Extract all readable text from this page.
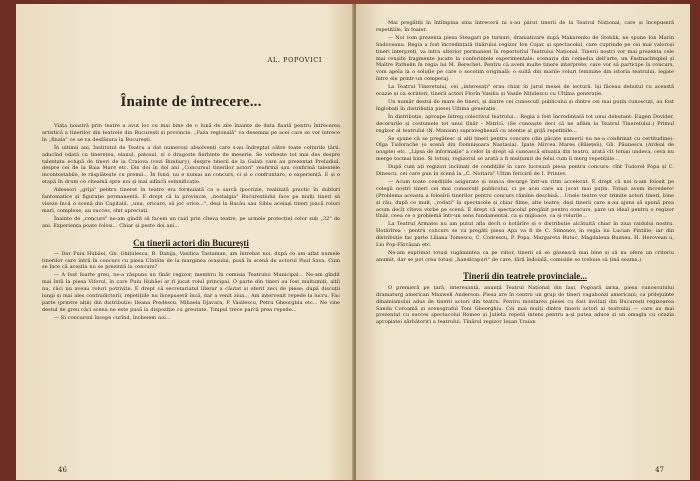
AL. POPOVICI
Înainte de întrecere...

Viața noastră prin teatre a avut loc cu mai bine de o lună de zile înainte de data fixată pentru întrecerea artistică a tinerilor din teatrele din București și provincie. „Faza regională" va desemna pe acei care se vor întrece în „finala" ce se va desfășura la București.

În ultimii ani, Institutul de Teatru a dat numeroși absolvenți care s-au îndreptat către toate colțurile țării, aducînd odată cu tinerețea, elanul, patosul, și o dragoste fierbinte de meserie. Se vorbește tot mai des despre talentata echipă de tineri de la Craiova (vezi Bunbury), despre tinerii de la Galați care au prezentat Preludiul, despre cei de la Baia Mare etc. Din doi în doi ani „Concursul tinerilor actori" reafirmă sau confirmă talentele incontestabile, le răsplătește cu premii... În fond, nu e numai un concurs, ci și o confruntare, o experiență. E și o etapă în drum ce cheamă spre noi și mai adîncă semnificație.

Adeseori „grija" pentru tineret în teatre era formulată ca o sarcă ipocrizie, realizată practic în dubluri fantomatice și figurație permanentă. E drept că la provincie, „nostalgia" Bucureștiului face pe mulți tineri să viseze încă o scenă din Capitală, „unu, oricare, să joc orice...", deși la Bacău sau Sibiu aceiași tineri joacă roluri mari, complexe, au succes, sînt apreciați.

Înainte de „concurs" ne-am gîndit să facem un raid prin cîteva teatre, pe urmele protecției celor sub „32" de ani. Experiența poate folosi... Chiar și peste doi ani...

Cu tinerii actori din București

— Dar Puiu Hubâei, Gh. Ghițulescu, B. Dabija, Vasilica Tastaman, am întrebat noi, după ce am aflat numele tinerilor care intră în concurs cu piesa Cîntăte de la marginea orașului, pusă în scenă de actorul Paul Sava. Cum se face că aceștia nu se prezintă la concurs?

— A fost foarte greu, ne-a răspuns un tînăr regizor, membru în comisia Teatrului Municipal... Ne-am gîndit mai întîi la piesa Viforul, în care Puiu Hubâei ar fi jucat rolul principal. O parte din tineri au fost multumiți, alții nu, căci nu aveau roluri potrivite. E drept că secretariatul literar a căutat și oferit zeci de piese; după discuții lungi și mai ales contradictorii, repetițiile nu începuseră încă, dar a venit ziua... Am intervenit repede la lucru. Fac parte (printre alții) din distribuție: Ileana Predescu, Mihaela Djavara, P. Vasilescu, Petru Gheorghiu etc... Ne vine destul de greu căci scena ne este pusă la dispoziție cu greutate. Timpul trece parcă prea repede...

— Și concursul începe curînd, încheiem noi...

46

Mai pregătiți în întîmpina sina întrecerii ni s-au părut tinerii de la Teatrul Național, care și începuseră repetițiile, în foaier.

— Noi vom prezenta piesa Steagari pe turnuri, dramatizare după Makarenko de Stehlik, ne spune Ion Marin Sadoveanu. Regia a fost încredințată tînărului regizor Ion Cojar, și spectacolul, care cuprinde pe cei mai valoroși tineri interpreți, va intra ulterior permanent în repertoriul Teatrului Național. Tinerii noștri vor mai prezenta cele mai reușite fragmente jucate la conferințele experimentale: scenariu din comedia dell'arte, un Fastnachtspiel și Maître Pathelin în regia lui M. Berechet. Pentru că avem multe tinere interprete, care vor să participe la concurs, vom apela la o soluție pe care o socotim originală: o suită din marile roluri feminine din istoria teatrului, legate între ele printr-un comperaj.

La Teatrul Tineretului, cei „interesați" erau chiar în jurul mesei de lectură. Iși făceau debutul cu această ocazie și ca scriitori, tinerii actori Florin Vasiliu și Vasile Nițulescu cu Ultima generație.

Un număr destul de mare de tineri, și dintre cei cunoscuți publicului și dintre cei mai puțin cunoscuți, au fost înglobați în distribuția piesei Ultima generație.

În distribuție, aproape întreg colectivul teatrului... Regia a fost încredințată tot unui debutant: Eugen Dovider, decorurile și costumele tot unui tînăr - Mitrici. (Se cunoaște deci că ne aflăm la Teatrul Tineretului.) Primul regizor al teatrului (N. Manism) supraveghează cu atenție și grijă repetițiile...

Se spune că se pregătesc și alți tineri pentru concurs (din păcate numerii nu ne-a confirmat cu certitudine): Olga Tudorache (o scenă din Domnișoara Nastasia). Ipate Mircea Mareș (Băiețeii), Gh. Păunescu (Ardeal de noapte) etc. „Lipsa de informație" a celor în drept să cunoască situația din teatru, arată cît totuși undeva, ceva nu merge tocmai bine. Și totuși, regizorul se arată a fi mulțumit de felul cum îi merg repetițiile...

După cum ați regizori inclinați de condițiile în care lucrează piesa pentru concurs: cînt Tudorel Popa și C. Dinescu, cei care pun în scenă la „C. Nottara" Ultim fericirii de I. Prințev.

— Acum toate condițiile asigurate și nunca decurge într-un ritm accelerat. E drept că noi n-am folosit pe colegii noștri tineri cei mai cunoscuți publicului, ci pe acei care au jucat mai puțin. Totuși avem încredere! (Problema aceasta a folosirii tinerilor pentru concurs rămîne deschisă... Unele teatre vor trimite actori tineri, bine și rău, după ce mult, „rodați" în spectacole și chiar filme, alte teatre, deși tinerii care n-au ajuns să spună prea acum decît cîteva vorbe pe scenă. E drept că spectacolul pregătit pentru concurs, pare un ideal pentru o regizor tînăr, ceea ce o problemă într-un sens fundamental, ca și mijloace, ca și rolurile...

La Teatrul Armatei nu am putut afla decît o hotărîre și o distribuție alcătuită chiar în ziua raidului nostru. Hotărîrea - pentru concurs se va pregăti piesa Apa va fi de C. Simonov, în regia lui Lucian Pintilie; iar din distribuție fac parte Liliana Tomescu, C. Codrescu, P. Popa, Margareta Butuc, Magdalena Buznea, H. Herovean u, Liu Pop-Fărcășan etc.

Ne-am exprimat totuși rugămintea ca pe viitor, tinerii să se găsească mai bine și să nu ofere un criteriu anumit, dar se pot crea totuși „handicapuri" de care, fără îndoială, comisiile se trebuie să țină seama.)

Tinerii din teatrele provinciale...

O premieră pe țară, interesantă, anunță Teatrul Național din Iași, Pogoară iarna, piesa cunoscutului dramaturg american Maxwell Anderson. Piesa are în centru un grup de tineri vagabonzi americani; ca prilejuinte dinamismului adus de tinerii actori din teatru. Pentru montarea piesei cu fost invitați din București regizoarea Sanda Coroamă și scenograful Toni Gheorghiu. Cei mai mulți dintre tinerii actori ai teatrului — care au mai prezentat cu succes spectacolul Romeo și Julieta repetă intens pentru a-și putea aduce și un omagiu cu ocazia apropiatei sărbătoriri a teatrului. Tînărul regizor Ieșan Traian

47
